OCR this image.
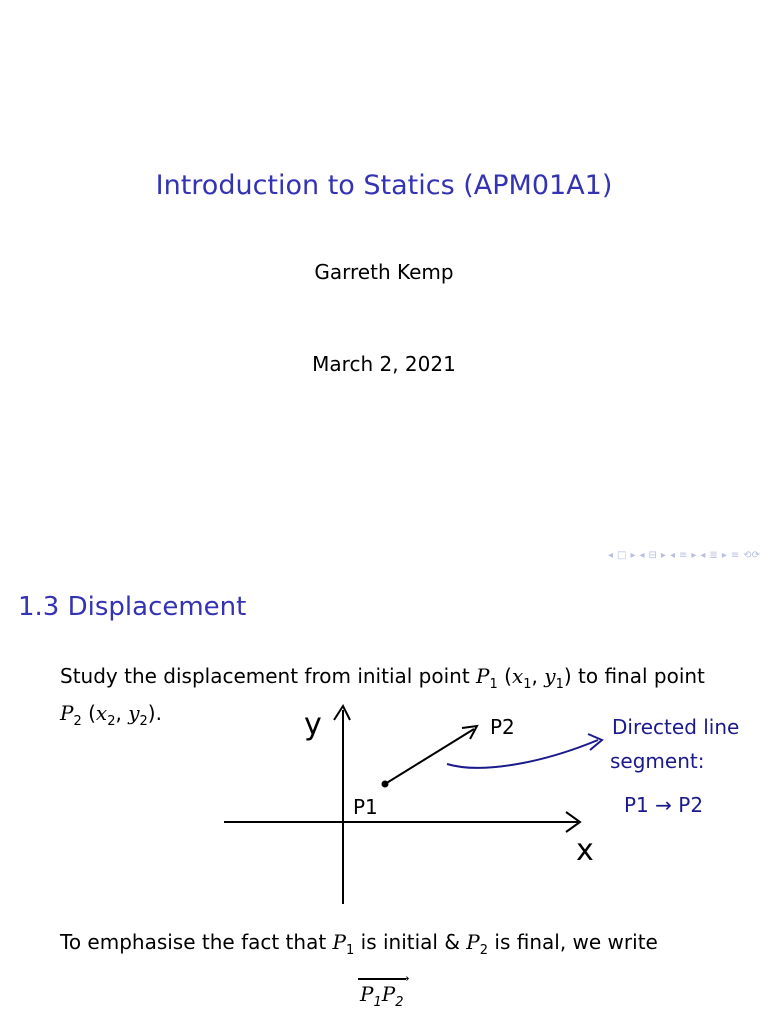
Introduction to Statics (APM01A1)
Garreth Kemp
March 2, 2021
◂ □ ▸ ◂ ⊟ ▸ ◂ ≡ ▸ ◂ ≣ ▸ ≡ ⟲⟳
1.3 Displacement
Study the displacement from initial point $P_1$ ($x_1$, $y_1$) to final point
$P_2$ ($x_2$, $y_2$).	y
x
P1
P2	Directed line
segment:
P1 → P2
To emphasise the fact that $P_1$ is initial & $P_2$ is final, we write
→
$P_1P_2$
